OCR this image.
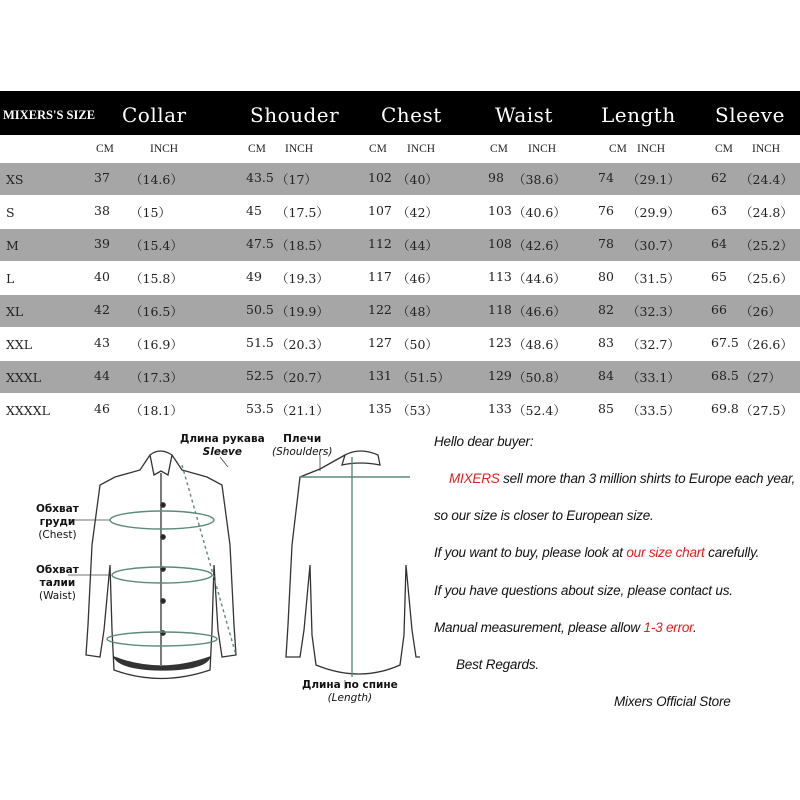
MIXERS'S SIZE Collar	Shouder Chest	Waist Length Sleeve
CM	INCH	CM INCH	CM INCH	CM INCH	CM INCH	CM INCH
XS	37 （14.6）	43.5 （17）	102 （40）	98 （38.6）	74 （29.1） 62 （24.4）
S	38 （15）	45 （17.5）	107 （42）	103 （40.6）	76 （29.9） 63 （24.8）
M	39 （15.4）	47.5 （18.5）	112 （44）	108 （42.6）	78 （30.7） 64 （25.2）
L	40 （15.8）	49 （19.3）	117 （46）	113 （44.6）	80 （31.5） 65 （25.6）
XL	42 （16.5）	50.5 （19.9）	122 （48）	118 （46.6）	82 （32.3） 66 （26）
XXL	43 （16.9）	51.5 （20.3）	127 （50）	123 （48.6）	83 （32.7） 67.5 （26.6）
XXXL	44 （17.3）	52.5 （20.7）	131 （51.5）	129 （50.8）	84 （33.1） 68.5 （27）
XXXXL	46 （18.1）	53.5 （21.1）	135 （53）	133 （52.4）	85 （33.5） 69.8 （27.5）
Длина рукава
Sleeve
Плечи
(Shoulders)
Обхват
груди
(Chest)
Обхват
талии
(Waist)
Длина по спине
(Length)
Hello dear buyer:
MIXERS sell more than 3 million shirts to Europe each year,
so our size is closer to European size.
If you want to buy, please look at our size chart carefully.
If you have questions about size, please contact us.
Manual measurement, please allow 1-3 error.
Best Regards.
Mixers Official Store
